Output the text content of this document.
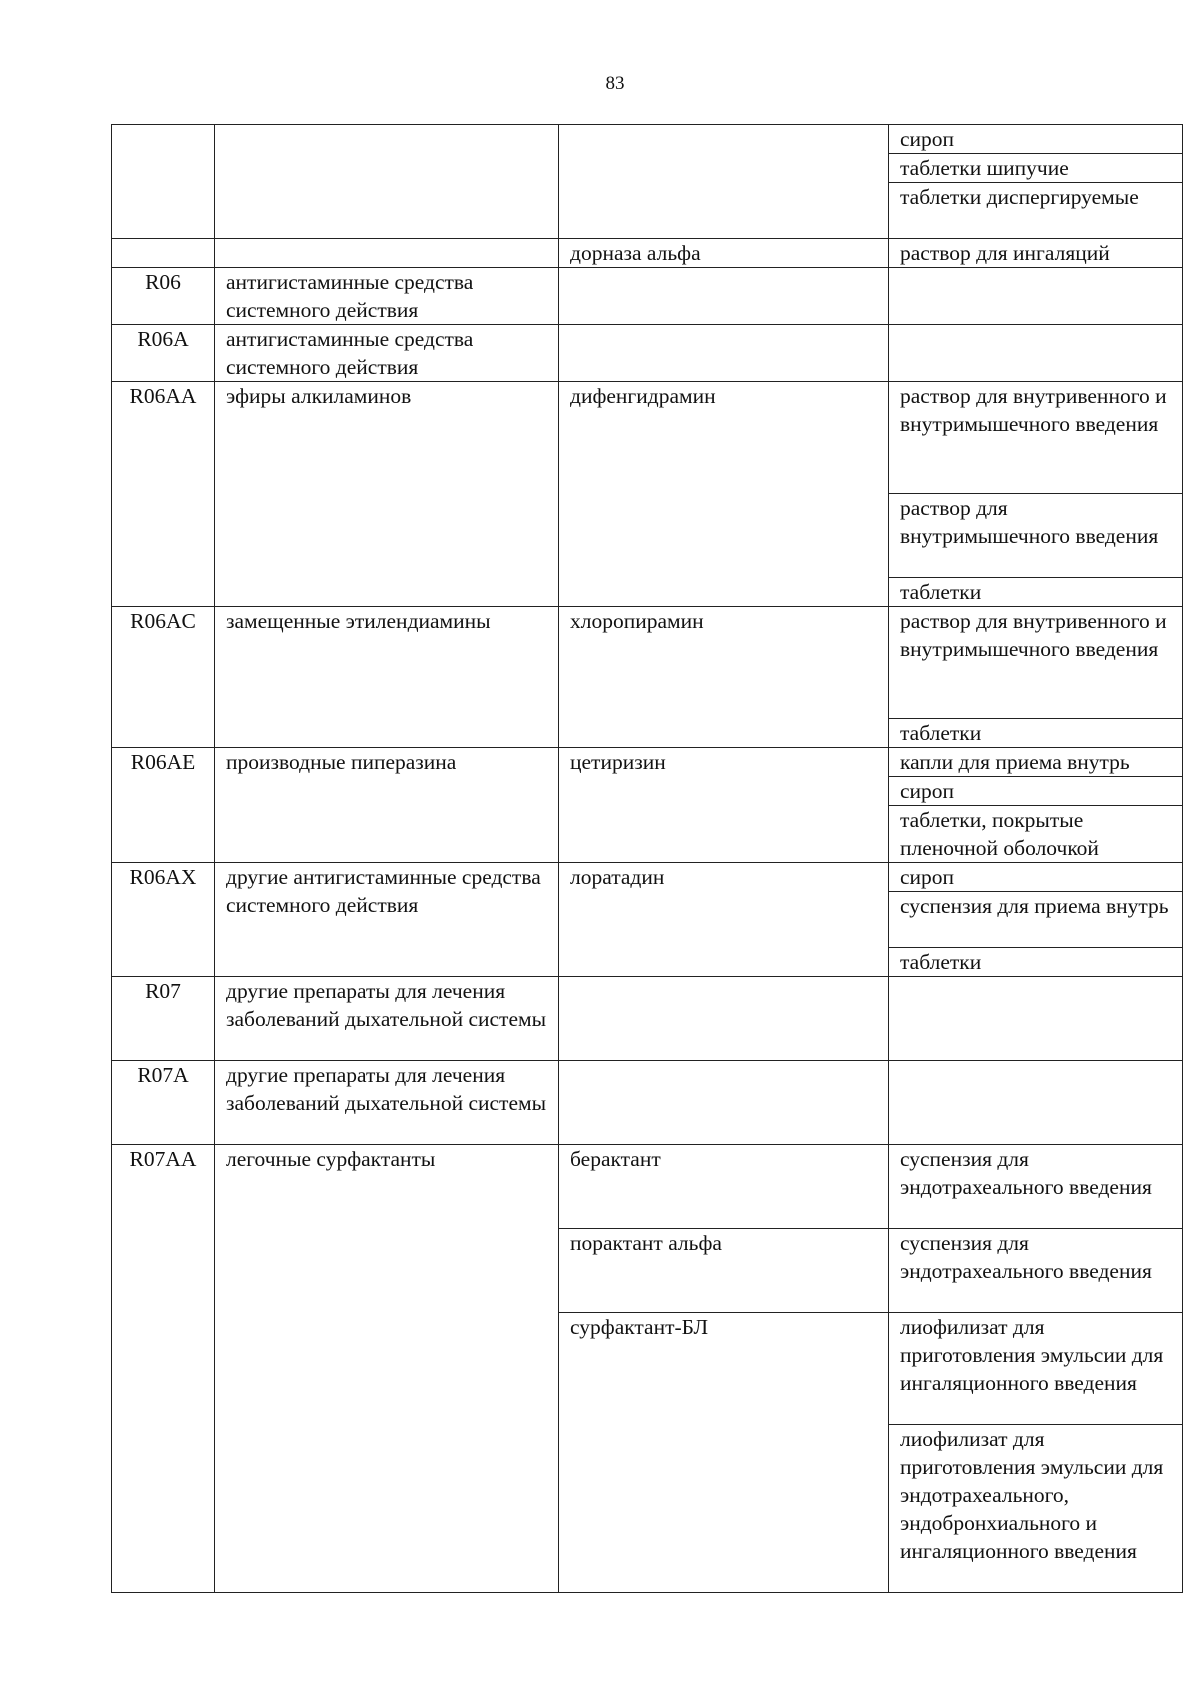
83
			сироп
			таблетки шипучие
			таблетки диспергируемые
		дорназа альфа	раствор для ингаляций
R06	антигистаминные средства системного действия		
R06A	антигистаминные средства системного действия		
R06AA	эфиры алкиламинов	дифенгидрамин	раствор для внутривенного и внутримышечного введения
			раствор для внутримышечного введения
			таблетки
R06AC	замещенные этилендиамины	хлоропирамин	раствор для внутривенного и внутримышечного введения
			таблетки
R06AE	производные пиперазина	цетиризин	капли для приема внутрь
			сироп
			таблетки, покрытые пленочной оболочкой
R06AX	другие антигистаминные средства системного действия	лоратадин	сироп
			суспензия для приема внутрь
			таблетки
R07	другие препараты для лечения заболеваний дыхательной системы		
R07A	другие препараты для лечения заболеваний дыхательной системы		
R07AA	легочные сурфактанты	берактант	суспензия для эндотрахеального введения
		порактант альфа	суспензия для эндотрахеального введения
		сурфактант-БЛ	лиофилизат для приготовления эмульсии для ингаляционного введения
			лиофилизат для приготовления эмульсии для эндотрахеального, эндобронхиального и ингаляционного введения
